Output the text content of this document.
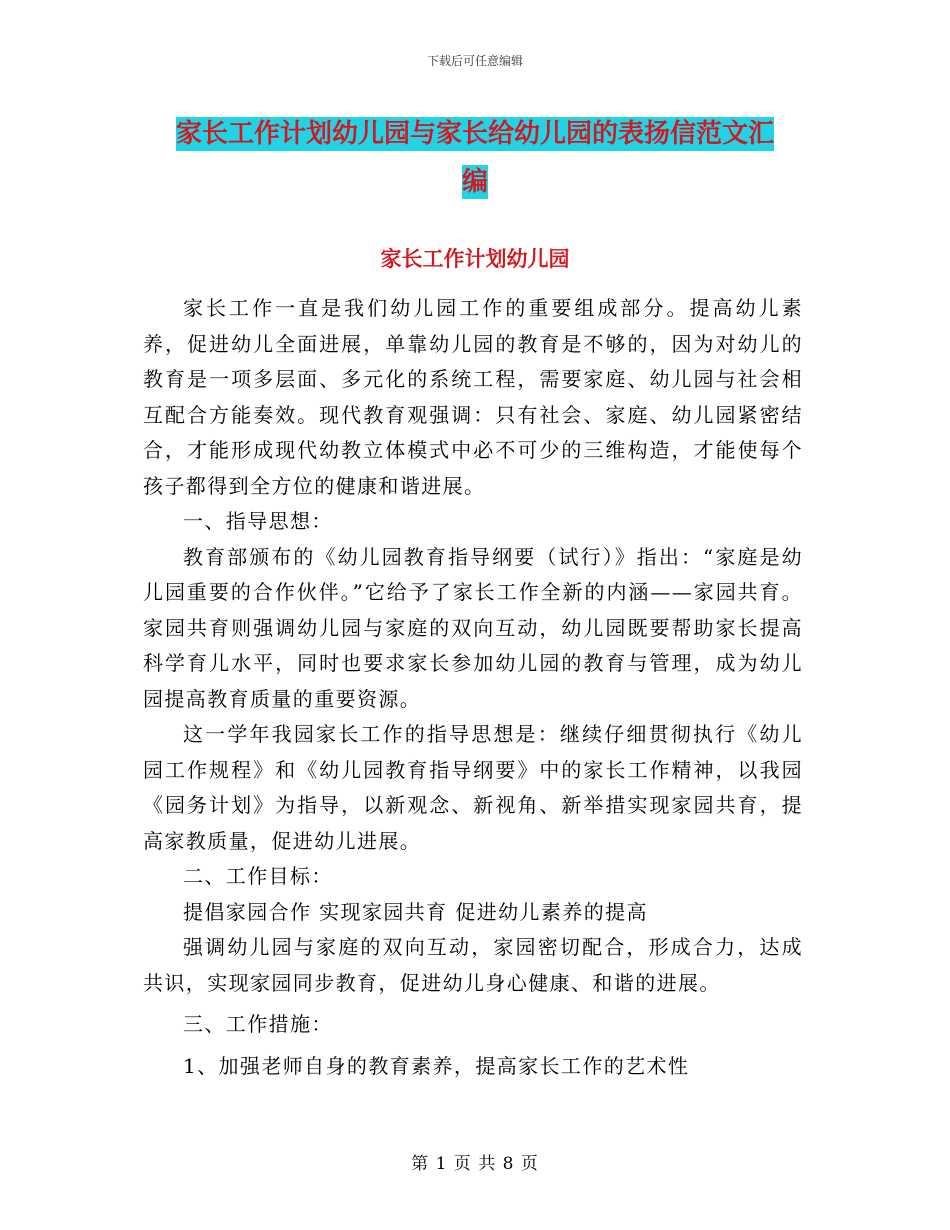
下载后可任意编辑
家长工作计划幼儿园与家长给幼儿园的表扬信范文汇
编
家长工作计划幼儿园

家长工作一直是我们幼儿园工作的重要组成部分。提高幼儿素养，促进幼儿全面进展，单靠幼儿园的教育是不够的，因为对幼儿的教育是一项多层面、多元化的系统工程，需要家庭、幼儿园与社会相互配合方能奏效。现代教育观强调：只有社会、家庭、幼儿园紧密结合，才能形成现代幼教立体模式中必不可少的三维构造，才能使每个孩子都得到全方位的健康和谐进展。

一、指导思想：

教育部颁布的《幼儿园教育指导纲要（试行）》指出：“家庭是幼儿园重要的合作伙伴。”它给予了家长工作全新的内涵——家园共育。家园共育则强调幼儿园与家庭的双向互动，幼儿园既要帮助家长提高科学育儿水平，同时也要求家长参加幼儿园的教育与管理，成为幼儿园提高教育质量的重要资源。

这一学年我园家长工作的指导思想是：继续仔细贯彻执行《幼儿园工作规程》和《幼儿园教育指导纲要》中的家长工作精神，以我园《园务计划》为指导，以新观念、新视角、新举措实现家园共育，提高家教质量，促进幼儿进展。

二、工作目标：

提倡家园合作 实现家园共育 促进幼儿素养的提高

强调幼儿园与家庭的双向互动，家园密切配合，形成合力，达成共识，实现家园同步教育，促进幼儿身心健康、和谐的进展。

三、工作措施：

1、加强老师自身的教育素养，提高家长工作的艺术性

第 1 页 共 8 页
